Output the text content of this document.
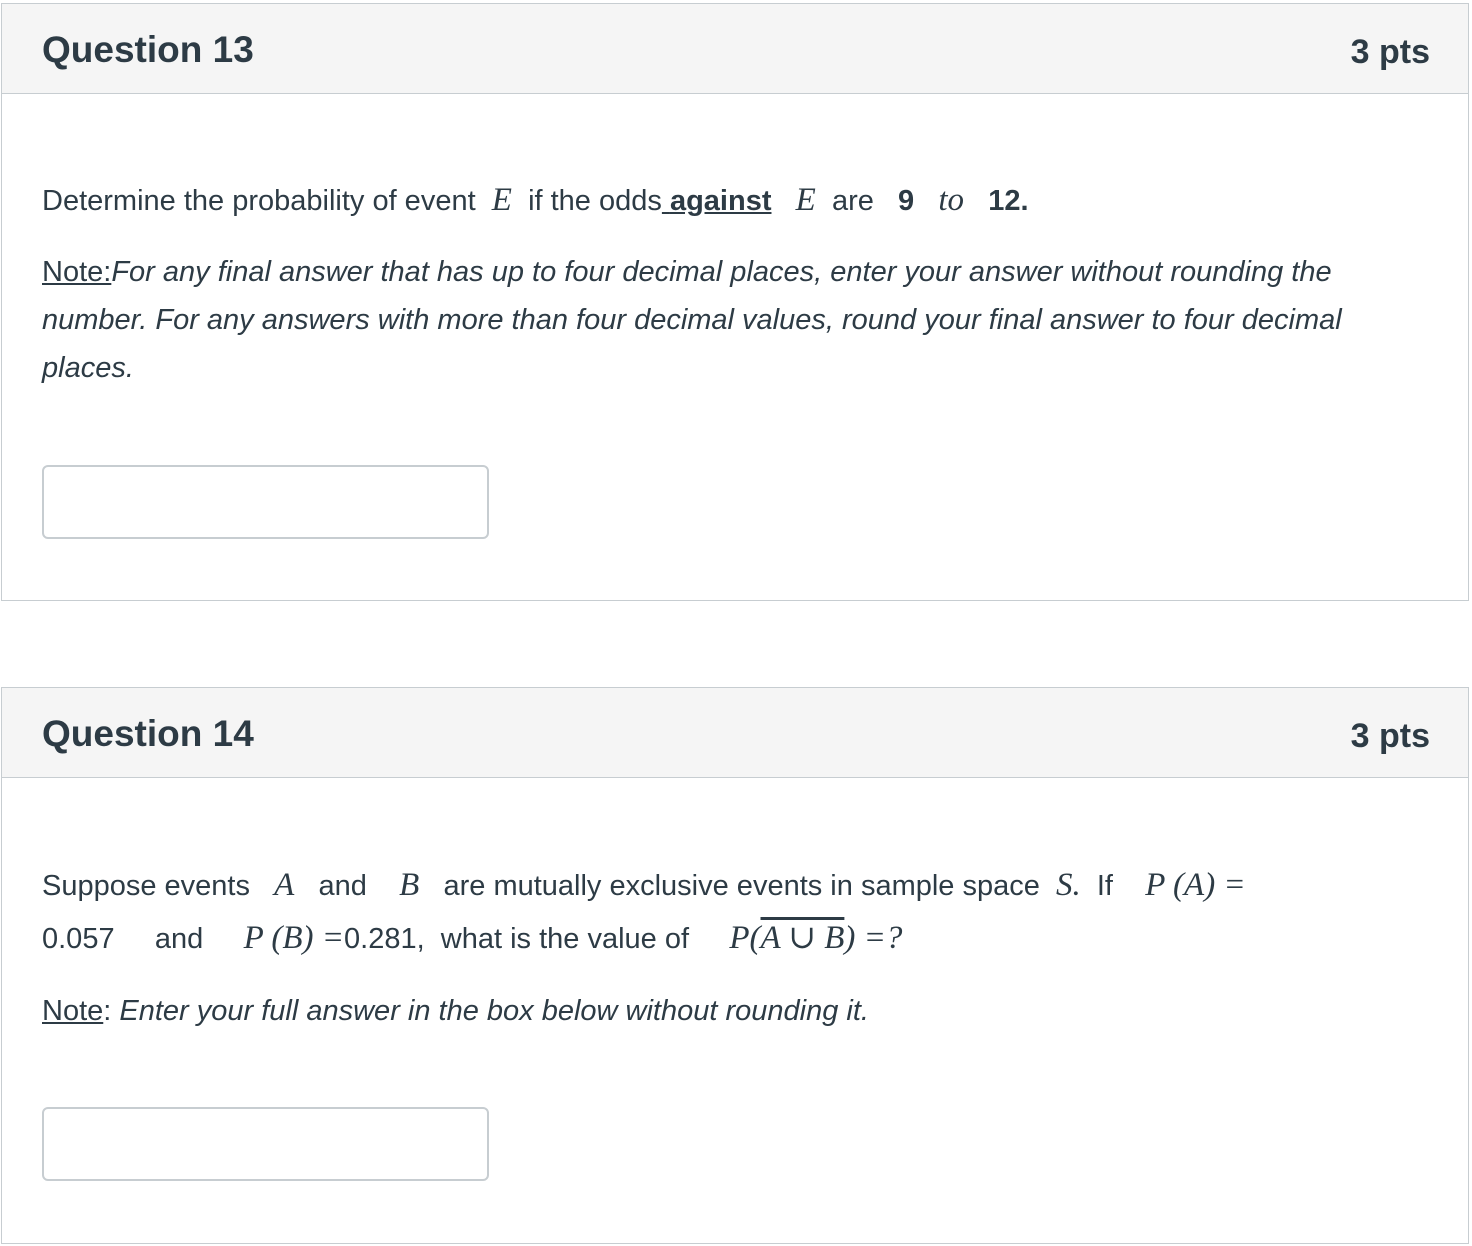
Question 13	3 pts
Determine the probability of event E if the odds against E are 9 to 12.
Note:For any final answer that has up to four decimal places, enter your answer without rounding the
number. For any answers with more than four decimal values, round your final answer to four decimal
places.
Question 14	3 pts
Suppose events A and B are mutually exclusive events in sample space S. If P (A) =
0.057 and P (B) =0.281, what is the value of P(A ∪ B) =?
Note: Enter your full answer in the box below without rounding it.
